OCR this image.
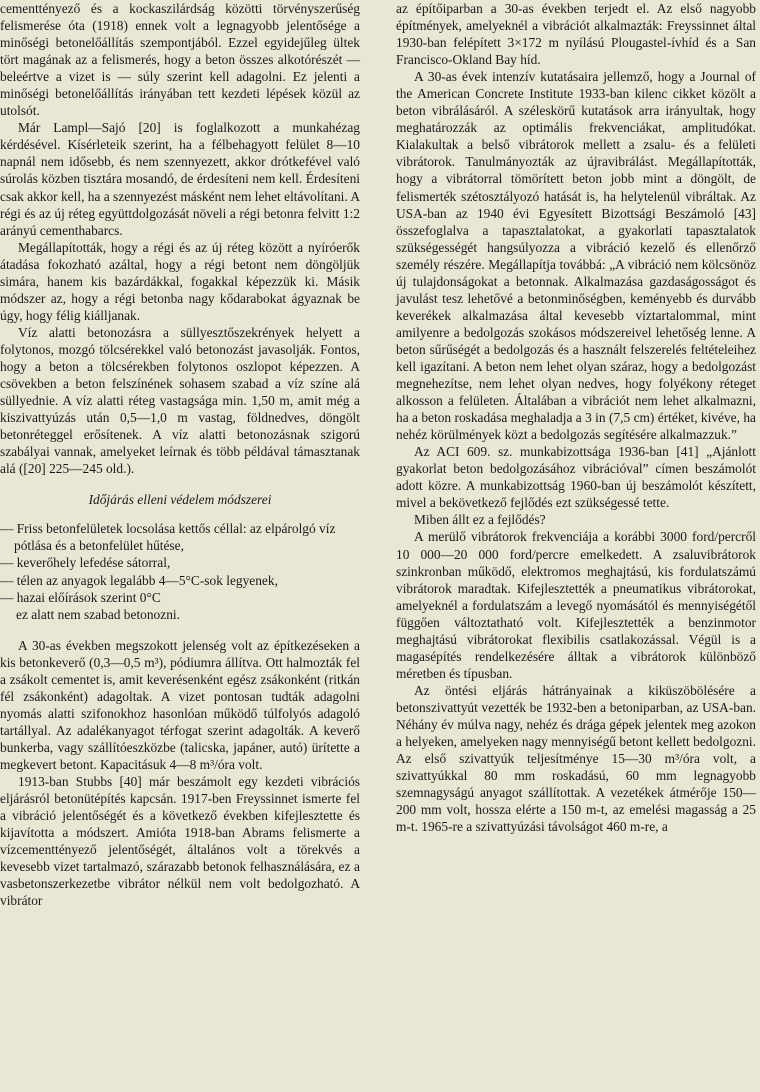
cementtényező és a kockaszilárdság közötti törvényszerűség felismerése óta (1918) ennek volt a legnagyobb jelentősége a minőségi betonelőállítás szempontjából. Ezzel egyidejűleg ültek tört magának az a felismerés, hogy a beton összes alkotórészét — beleértve a vizet is — súly szerint kell adagolni. Ez jelenti a minőségi betonelőállítás irányában tett kezdeti lépések közül az utolsót.

Már Lampl—Sajó [20] is foglalkozott a munkahézag kérdésével. Kísérleteik szerint, ha a félbehagyott felület 8—10 napnál nem idősebb, és nem szennyezett, akkor drótkefével való súrolás közben tisztára mosandó, de érdesíteni nem kell. Érdesíteni csak akkor kell, ha a szennyezést másként nem lehet eltávolítani. A régi és az új réteg együttdolgozását növeli a régi betonra felvitt 1:2 arányú cementhabarcs.

Megállapították, hogy a régi és az új réteg között a nyíróerők átadása fokozható azáltal, hogy a régi betont nem döngöljük simára, hanem kis bazárdákkal, fogakkal képezzük ki. Másik módszer az, hogy a régi betonba nagy kődarabokat ágyaznak be úgy, hogy félig kiálljanak.

Víz alatti betonozásra a süllyesztőszekrények helyett a folytonos, mozgó tölcsérekkel való betonozást javasolják. Fontos, hogy a beton a tölcsérekben folytonos oszlopot képezzen. A csövekben a beton felszínének sohasem szabad a víz színe alá süllyednie. A víz alatti réteg vastagsága min. 1,50 m, amit még a kiszivattyúzás után 0,5—1,0 m vastag, földnedves, döngölt betonréteggel erősítenek. A víz alatti betonozásnak szigorú szabályai vannak, amelyeket leírnak és több példával támasztanak alá ([20] 225—245 old.).

Időjárás elleni védelem módszerei
— Friss betonfelületek locsolása kettős céllal: az elpárolgó víz pótlása és a betonfelület hűtése,
— keverőhely lefedése sátorral,
— télen az anyagok legalább 4—5°C-sok legyenek,
— hazai előírások szerint 0°C
ez alatt nem szabad betonozni.

A 30-as években megszokott jelenség volt az építkezéseken a kis betonkeverő (0,3—0,5 m³), pódiumra állítva. Ott halmozták fel a zsákolt cementet is, amit keverésenként egész zsákonként (ritkán fél zsákonként) adagoltak. A vizet pontosan tudták adagolni nyomás alatti szifonokhoz hasonlóan működő túlfolyós adagoló tartállyal. Az adalékanyagot térfogat szerint adagolták. A keverő bunkerba, vagy szállítóeszközbe (talicska, japáner, autó) ürítette a megkevert betont. Kapacitásuk 4—8 m³/óra volt.

1913-ban Stubbs [40] már beszámolt egy kezdeti vibrációs eljárásról betonütépítés kapcsán. 1917-ben Freyssinnet ismerte fel a vibráció jelentőségét és a következő években kifejlesztette és kijavította a módszert. Amióta 1918-ban Abrams felismerte a vízcementtényező jelentőségét, általános volt a törekvés a kevesebb vizet tartalmazó, szárazabb betonok felhasználására, ez a vasbetonszerkezetbe vibrátor nélkül nem volt bedolgozható. A vibrátor

az építőiparban a 30-as években terjedt el. Az első nagyobb építmények, amelyeknél a vibrációt alkalmazták: Freyssinnet által 1930-ban felépített 3×172 m nyílású Plougastel-ívhíd és a San Francisco-Okland Bay híd.

A 30-as évek intenzív kutatásaira jellemző, hogy a Journal of the American Concrete Institute 1933-ban kilenc cikket közölt a beton vibrálásáról. A széleskörű kutatások arra irányultak, hogy meghatározzák az optimális frekvenciákat, amplitudókat. Kialakultak a belső vibrátorok mellett a zsalu- és a felületi vibrátorok. Tanulmányozták az újravibrálást. Megállapították, hogy a vibrátorral tömörített beton jobb mint a döngölt, de felismerték szétosztályozó hatását is, ha helytelenül vibráltak. Az USA-ban az 1940 évi Egyesített Bizottsági Beszámoló [43] összefoglalva a tapasztalatokat, a gyakorlati tapasztalatok szükségességét hangsúlyozza a vibráció kezelő és ellenőrző személy részére. Megállapítja továbbá: „A vibráció nem kölcsönöz új tulajdonságokat a betonnak. Alkalmazása gazdaságosságot és javulást tesz lehetővé a betonminőségben, keményebb és durvább keverékek alkalmazása által kevesebb víztartalommal, mint amilyenre a bedolgozás szokásos módszereivel lehetőség lenne. A beton sűrűségét a bedolgozás és a használt felszerelés feltételeihez kell igazítani. A beton nem lehet olyan száraz, hogy a bedolgozást megnehezítse, nem lehet olyan nedves, hogy folyékony réteget alkosson a felületen. Általában a vibrációt nem lehet alkalmazni, ha a beton roskadása meghaladja a 3 in (7,5 cm) értéket, kivéve, ha nehéz körülmények közt a bedolgozás segítésére alkalmazzuk.”

Az ACI 609. sz. munkabizottsága 1936-ban [41] „Ajánlott gyakorlat beton bedolgozásához vibrációval” címen beszámolót adott közre. A munkabizottság 1960-ban új beszámolót készített, mivel a bekövetkező fejlődés ezt szükségessé tette.

Miben állt ez a fejlődés?

A merülő vibrátorok frekvenciája a korábbi 3000 ford/percről 10 000—20 000 ford/percre emelkedett. A zsaluvibrátorok szinkronban működő, elektromos meghajtású, kis fordulatszámú vibrátorok maradtak. Kifejlesztették a pneumatikus vibrátorokat, amelyeknél a fordulatszám a levegő nyomásától és mennyiségétől függően változtatható volt. Kifejlesztették a benzinmotor meghajtású vibrátorokat flexibilis csatlakozással. Végül is a magasépítés rendelkezésére álltak a vibrátorok különböző méretben és típusban.

Az öntési eljárás hátrányainak a kiküszöbölésére a betonszivattyút vezették be 1932-ben a betoniparban, az USA-ban. Néhány év múlva nagy, nehéz és drága gépek jelentek meg azokon a helyeken, amelyeken nagy mennyiségű betont kellett bedolgozni. Az első szivattyúk teljesítménye 15—30 m³/óra volt, a szivattyúkkal 80 mm roskadású, 60 mm legnagyobb szemnagyságú anyagot szállítottak. A vezetékek átmérője 150—200 mm volt, hossza elérte a 150 m-t, az emelési magasság a 25 m-t. 1965-re a szivattyúzási távolságot 460 m-re, a
